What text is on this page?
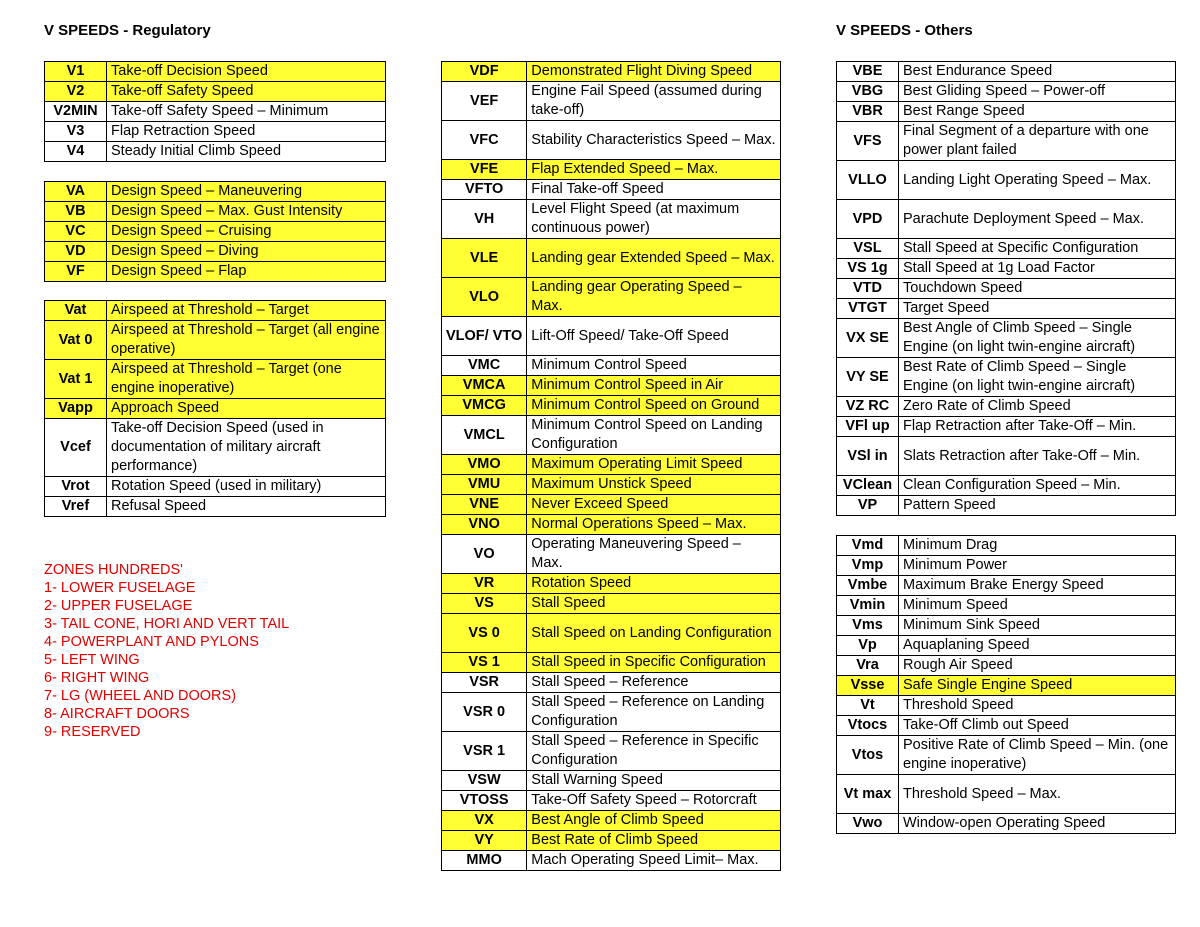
V SPEEDS - Regulatory	V SPEEDS - Others
V1	Take-off Decision Speed
V2	Take-off Safety Speed
V2MIN	Take-off Safety Speed – Minimum
V3	Flap Retraction Speed
V4	Steady Initial Climb Speed
VA	Design Speed – Maneuvering
VB	Design Speed – Max. Gust Intensity
VC	Design Speed – Cruising
VD	Design Speed – Diving
VF	Design Speed – Flap
Vat	Airspeed at Threshold – Target
Vat 0	Airspeed at Threshold – Target (all engine operative)
Vat 1	Airspeed at Threshold – Target (one engine inoperative)
Vapp	Approach Speed
Vcef	Take-off Decision Speed (used in documentation of military aircraft performance)
Vrot	Rotation Speed (used in military)
Vref	Refusal Speed
VDF	Demonstrated Flight Diving Speed
VEF	Engine Fail Speed (assumed during take-off)
VFC	Stability Characteristics Speed – Max.
VFE	Flap Extended Speed – Max.
VFTO	Final Take-off Speed
VH	Level Flight Speed (at maximum continuous power)
VLE	Landing gear Extended Speed – Max.
VLO	Landing gear Operating Speed – Max.
VLOF/ VTO	Lift-Off Speed/ Take-Off Speed
VMC	Minimum Control Speed
VMCA	Minimum Control Speed in Air
VMCG	Minimum Control Speed on Ground
VMCL	Minimum Control Speed on Landing Configuration
VMO	Maximum Operating Limit Speed
VMU	Maximum Unstick Speed
VNE	Never Exceed Speed
VNO	Normal Operations Speed – Max.
VO	Operating Maneuvering Speed – Max.
VR	Rotation Speed
VS	Stall Speed
VS 0	Stall Speed on Landing Configuration
VS 1	Stall Speed in Specific Configuration
VSR	Stall Speed – Reference
VSR 0	Stall Speed – Reference on Landing Configuration
VSR 1	Stall Speed – Reference in Specific Configuration
VSW	Stall Warning Speed
VTOSS	Take-Off Safety Speed – Rotorcraft
VX	Best Angle of Climb Speed
VY	Best Rate of Climb Speed
MMO	Mach Operating Speed Limit– Max.
VBE	Best Endurance Speed
VBG	Best Gliding Speed – Power-off
VBR	Best Range Speed
VFS	Final Segment of a departure with one power plant failed
VLLO	Landing Light Operating Speed – Max.
VPD	Parachute Deployment Speed – Max.
VSL	Stall Speed at Specific Configuration
VS 1g	Stall Speed at 1g Load Factor
VTD	Touchdown Speed
VTGT	Target Speed
VX SE	Best Angle of Climb Speed – Single Engine (on light twin-engine aircraft)
VY SE	Best Rate of Climb Speed – Single Engine (on light twin-engine aircraft)
VZ RC	Zero Rate of Climb Speed
VFl up	Flap Retraction after Take-Off – Min.
VSl in	Slats Retraction after Take-Off – Min.
VClean	Clean Configuration Speed – Min.
VP	Pattern Speed
Vmd	Minimum Drag
Vmp	Minimum Power
Vmbe	Maximum Brake Energy Speed
Vmin	Minimum Speed
Vms	Minimum Sink Speed
Vp	Aquaplaning Speed
Vra	Rough Air Speed
Vsse	Safe Single Engine Speed
Vt	Threshold Speed
Vtocs	Take-Off Climb out Speed
Vtos	Positive Rate of Climb Speed – Min. (one engine inoperative)
Vt max	Threshold Speed – Max.
Vwo	Window-open Operating Speed
ZONES HUNDREDS'
1- LOWER FUSELAGE
2- UPPER FUSELAGE
3- TAIL CONE, HORI AND VERT TAIL
4- POWERPLANT AND PYLONS
5- LEFT WING
6- RIGHT WING
7- LG (WHEEL AND DOORS)
8- AIRCRAFT DOORS
9- RESERVED
